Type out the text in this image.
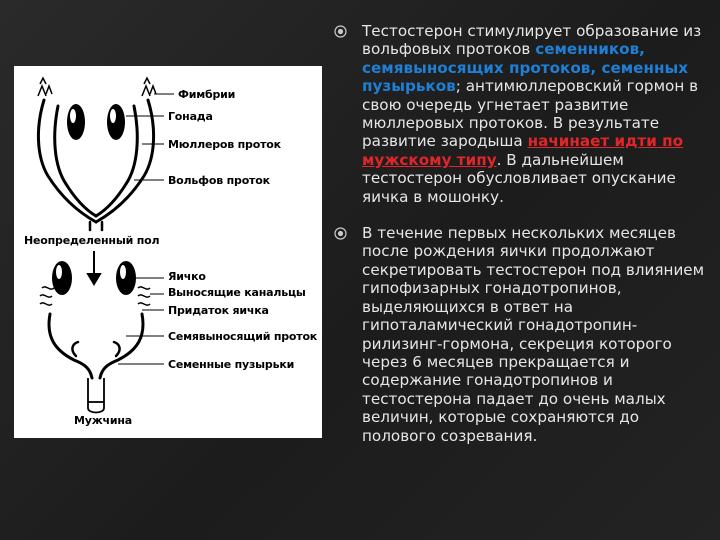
Фимбрии
Гонада
Мюллеров проток
Вольфов проток
Неопределенный пол
Яичко
Выносящие канальцы
Придаток яичка
Семявыносящий проток
Семенные пузырьки
Мужчина
Тестостерон стимулирует образование из вольфовых протоков семенников, семявыносящих протоков, семенных пузырьков; антимюллеровский гормон в свою очередь угнетает развитие мюллеровых протоков. В результате развитие зародыша начинает идти по мужскому типу. В дальнейшем тестостерон обусловливает опускание яичка в мошонку.
В течение первых нескольких месяцев после рождения яички продолжают секретировать тестостерон под влиянием гипофизарных гонадотропинов, выделяющихся в ответ на гипоталамический гонадотропин-рилизинг-гормона, секреция которого через 6 месяцев прекращается и содержание гонадотропинов и тестостерона падает до очень малых величин, которые сохраняются до полового созревания.
